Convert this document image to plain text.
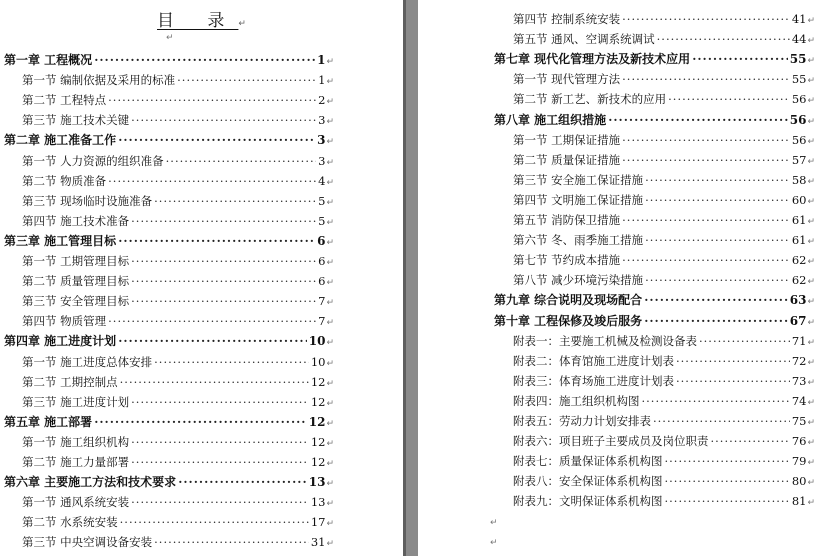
目 录↵
↵
第一章 工程概况 ·····	1 ↵
第一节 编制依据及采用的标准 ·····	1 ↵
第二节 工程特点 ·····	2 ↵
第三节 施工技术关键 ·····	3 ↵
第二章 施工准备工作 ·····	3 ↵
第一节 人力资源的组织准备 ·····	3 ↵
第二节 物质准备 ·····	4 ↵
第三节 现场临时设施准备 ·····	5 ↵
第四节 施工技术准备 ·····	5 ↵
第三章 施工管理目标 ·····	6 ↵
第一节 工期管理目标 ·····	6 ↵
第二节 质量管理目标 ·····	6 ↵
第三节 安全管理目标 ·····	7 ↵
第四节 物质管理 ·····	7 ↵
第四章 施工进度计划 ·····	10 ↵
第一节 施工进度总体安排 ·····	10 ↵
第二节 工期控制点 ·····	12 ↵
第三节 施工进度计划 ·····	12 ↵
第五章 施工部署 ·····	12 ↵
第一节 施工组织机构 ·····	12 ↵
第二节 施工力量部署 ·····	12 ↵
第六章 主要施工方法和技术要求 ·····	13 ↵
第一节 通风系统安装 ·····	13 ↵
第二节 水系统安装 ·····	17 ↵
第三节 中央空调设备安装 ·····	31 ↵
↵
↵
第四节 控制系统安装 ·····	41 ↵
第五节 通风、空调系统调试 ·····	44 ↵
第七章 现代化管理方法及新技术应用 ·····	55 ↵
第一节 现代管理方法 ·····	55 ↵
第二节 新工艺、新技术的应用 ·····	56 ↵
第八章 施工组织措施 ·····	56 ↵
第一节 工期保证措施 ·····	56 ↵
第二节 质量保证措施 ·····	57 ↵
第三节 安全施工保证措施 ·····	58 ↵
第四节 文明施工保证措施 ·····	60 ↵
第五节 消防保卫措施 ·····	61 ↵
第六节 冬、雨季施工措施 ·····	61 ↵
第七节 节约成本措施 ·····	62 ↵
第八节 减少环境污染措施 ·····	62 ↵
第九章 综合说明及现场配合 ·····	63 ↵
第十章 工程保修及竣后服务 ·····	67 ↵
附表一：主要施工机械及检测设备表 ·····	71 ↵
附表二：体育馆施工进度计划表 ·····	72 ↵
附表三：体育场施工进度计划表 ·····	73 ↵
附表四：施工组织机构图 ·····	74 ↵
附表五：劳动力计划安排表 ·····	75 ↵
附表六：项目班子主要成员及岗位职责 ·····	76 ↵
附表七：质量保证体系机构图 ·····	79 ↵
附表八：安全保证体系机构图 ·····	80 ↵
附表九：文明保证体系机构图 ·····	81 ↵
